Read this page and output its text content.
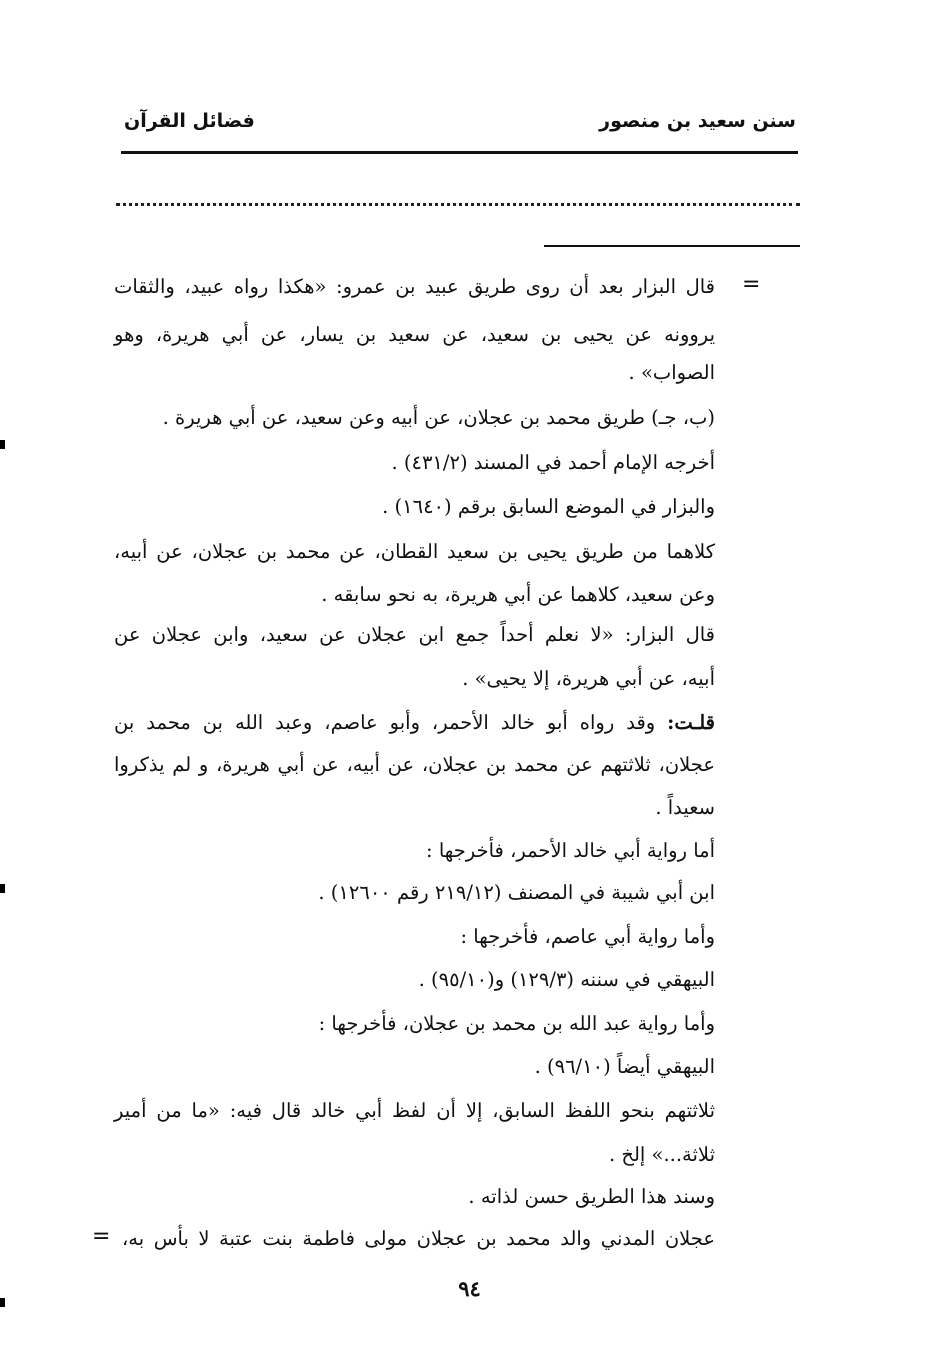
سنن سعيد بن منصور
فضائل القرآن
=
قال البزار بعد أن روى طريق عبيد بن عمرو: «هكذا رواه عبيد، والثقات
يروونه عن يحيى بن سعيد، عن سعيد بن يسار، عن أبي هريرة، وهو
الصواب» .
(ب، جـ) طريق محمد بن عجلان، عن أبيه وعن سعيد، عن أبي هريرة .
أخرجه الإمام أحمد في المسند (٤٣١/٢) .
والبزار في الموضع السابق برقم (١٦٤٠) .
كلاهما من طريق يحيى بن سعيد القطان، عن محمد بن عجلان، عن أبيه،
وعن سعيد، كلاهما عن أبي هريرة، به نحو سابقه .
قال البزار: «لا نعلم أحداً جمع ابن عجلان عن سعيد، وابن عجلان عن
أبيه، عن أبي هريرة، إلا يحيى» .
قلـت: وقد رواه أبو خالد الأحمر، وأبو عاصم، وعبد الله بن محمد بن
عجلان، ثلاثتهم عن محمد بن عجلان، عن أبيه، عن أبي هريرة، و لم يذكروا
سعيداً .
أما رواية أبي خالد الأحمر، فأخرجها :
ابن أبي شيبة في المصنف (٢١٩/١٢ رقم ١٢٦٠٠) .
وأما رواية أبي عاصم، فأخرجها :
البيهقي في سننه (١٢٩/٣) و(٩٥/١٠) .
وأما رواية عبد الله بن محمد بن عجلان، فأخرجها :
البيهقي أيضاً (٩٦/١٠) .
ثلاثتهم بنحو اللفظ السابق، إلا أن لفظ أبي خالد قال فيه: «ما من أمير
ثلاثة...» إلخ .
وسند هذا الطريق حسن لذاته .
عجلان المدني والد محمد بن عجلان مولى فاطمة بنت عتبة لا بأس به،
=
٩٤
